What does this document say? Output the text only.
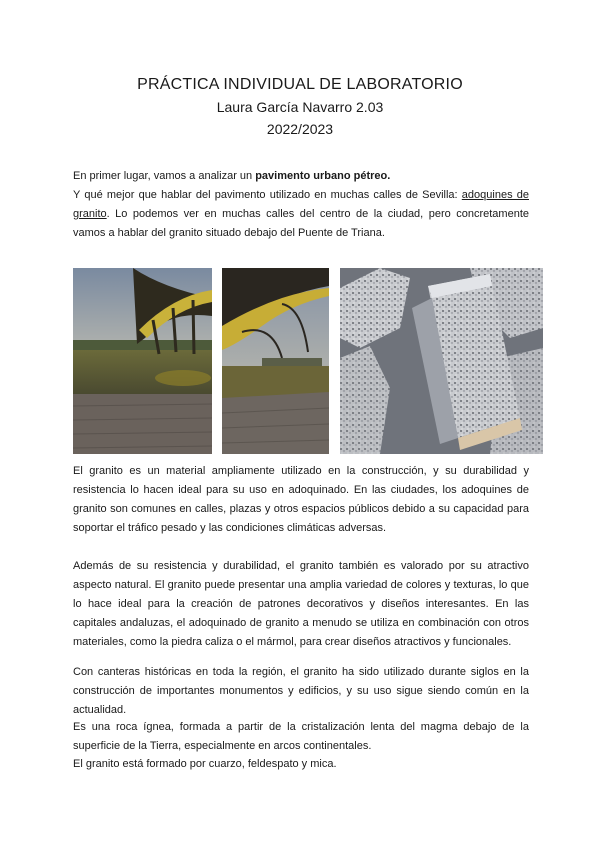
PRÁCTICA INDIVIDUAL DE LABORATORIO
Laura García Navarro 2.03
2022/2023

En primer lugar, vamos a analizar un pavimento urbano pétreo.

Y qué mejor que hablar del pavimento utilizado en muchas calles de Sevilla: adoquines de granito. Lo podemos ver en muchas calles del centro de la ciudad, pero concretamente vamos a hablar del granito situado debajo del Puente de Triana.

El granito es un material ampliamente utilizado en la construcción, y su durabilidad y resistencia lo hacen ideal para su uso en adoquinado. En las ciudades, los adoquines de granito son comunes en calles, plazas y otros espacios públicos debido a su capacidad para soportar el tráfico pesado y las condiciones climáticas adversas.

Además de su resistencia y durabilidad, el granito también es valorado por su atractivo aspecto natural. El granito puede presentar una amplia variedad de colores y texturas, lo que lo hace ideal para la creación de patrones decorativos y diseños interesantes. En las capitales andaluzas, el adoquinado de granito a menudo se utiliza en combinación con otros materiales, como la piedra caliza o el mármol, para crear diseños atractivos y funcionales.

Con canteras históricas en toda la región, el granito ha sido utilizado durante siglos en la construcción de importantes monumentos y edificios, y su uso sigue siendo común en la actualidad.

Es una roca ígnea, formada a partir de la cristalización lenta del magma debajo de la superficie de la Tierra, especialmente en arcos continentales.

El granito está formado por cuarzo, feldespato y mica.
